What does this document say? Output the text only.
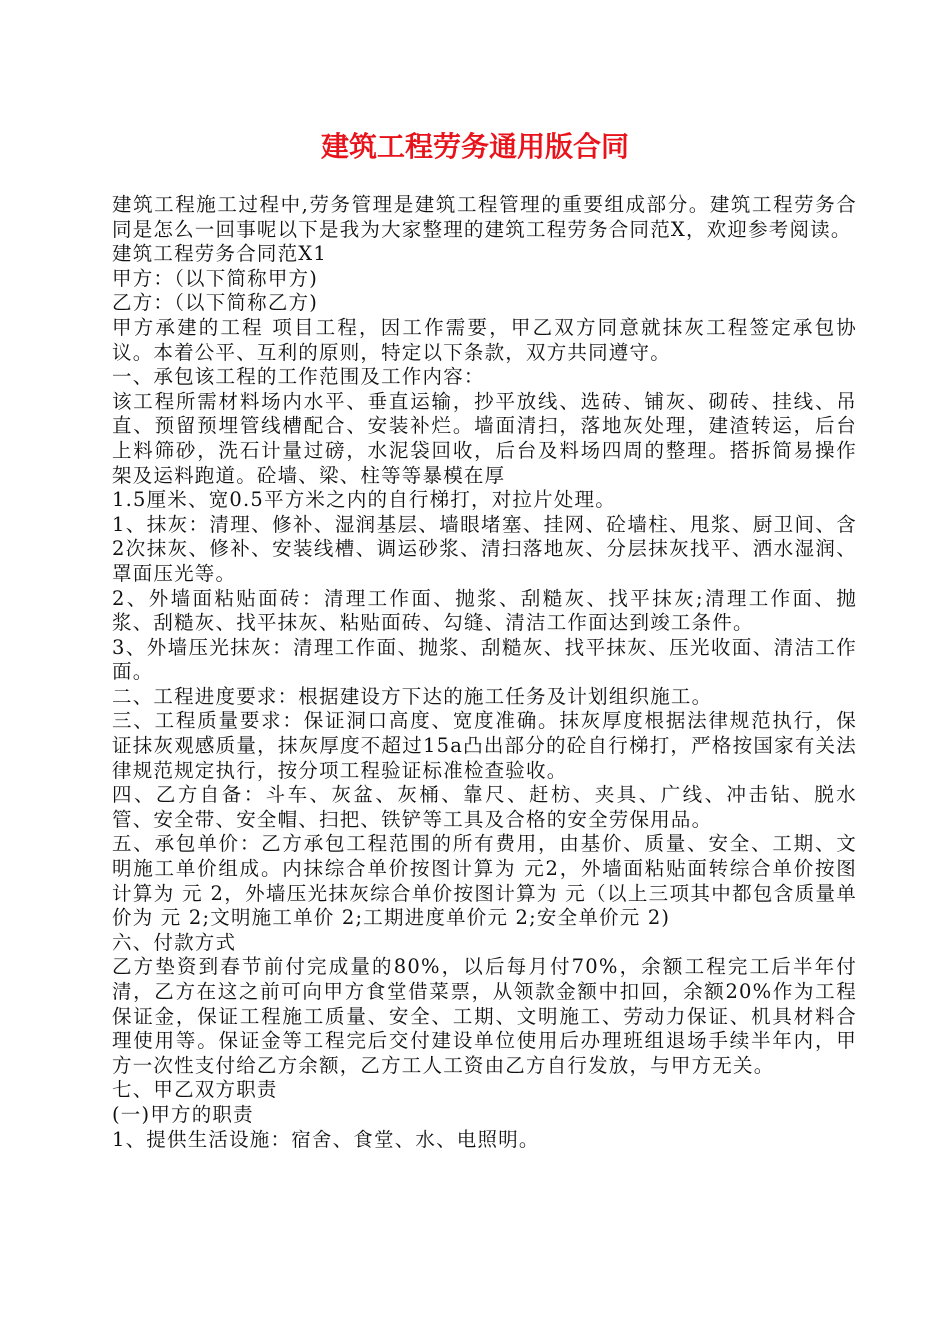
建筑工程劳务通用版合同

建筑工程施工过程中,劳务管理是建筑工程管理的重要组成部分。建筑工程劳务合同是怎么一回事呢以下是我为大家整理的建筑工程劳务合同范X，欢迎参考阅读。

建筑工程劳务合同范X1

甲方：（以下简称甲方)

乙方：（以下简称乙方)

甲方承建的工程 项目工程，因工作需要，甲乙双方同意就抹灰工程签定承包协议。本着公平、互利的原则，特定以下条款，双方共同遵守。

一、承包该工程的工作范围及工作内容：

该工程所需材料场内水平、垂直运输，抄平放线、选砖、铺灰、砌砖、挂线、吊直、预留预埋管线槽配合、安装补烂。墙面清扫，落地灰处理，建渣转运，后台上料筛砂，洗石计量过磅，水泥袋回收，后台及料场四周的整理。搭拆简易操作架及运料跑道。砼墙、梁、柱等等暴模在厚

1.5厘米、宽0.5平方米之内的自行梯打，对拉片处理。

1、抹灰：清理、修补、湿润基层、墙眼堵塞、挂网、砼墙柱、甩浆、厨卫间、含2次抹灰、修补、安装线槽、调运砂浆、清扫落地灰、分层抹灰找平、洒水湿润、罩面压光等。

2、外墙面粘贴面砖：清理工作面、抛浆、刮糙灰、找平抹灰;清理工作面、抛浆、刮糙灰、找平抹灰、粘贴面砖、勾缝、清洁工作面达到竣工条件。

3、外墙压光抹灰：清理工作面、抛浆、刮糙灰、找平抹灰、压光收面、清洁工作面。

二、工程进度要求：根据建设方下达的施工任务及计划组织施工。

三、工程质量要求：保证洞口高度、宽度准确。抹灰厚度根据法律规范执行，保证抹灰观感质量，抹灰厚度不超过15a凸出部分的砼自行梯打，严格按国家有关法律规范规定执行，按分项工程验证标准检查验收。

四、乙方自备：斗车、灰盆、灰桶、靠尺、赶枋、夹具、广线、冲击钻、脱水管、安全带、安全帽、扫把、铁铲等工具及合格的安全劳保用品。

五、承包单价：乙方承包工程范围的所有费用，由基价、质量、安全、工期、文明施工单价组成。内抹综合单价按图计算为 元2，外墙面粘贴面转综合单价按图计算为 元 2，外墙压光抹灰综合单价按图计算为 元（以上三项其中都包含质量单价为 元 2;文明施工单价 2;工期进度单价元 2;安全单价元 2)

六、付款方式

乙方垫资到春节前付完成量的80%，以后每月付70%，余额工程完工后半年付清，乙方在这之前可向甲方食堂借菜票，从领款金额中扣回，余额20%作为工程保证金，保证工程施工质量、安全、工期、文明施工、劳动力保证、机具材料合理使用等。保证金等工程完后交付建设单位使用后办理班组退场手续半年内，甲方一次性支付给乙方余额，乙方工人工资由乙方自行发放，与甲方无关。

七、甲乙双方职责

(一)甲方的职责

1、提供生活设施：宿舍、食堂、水、电照明。
